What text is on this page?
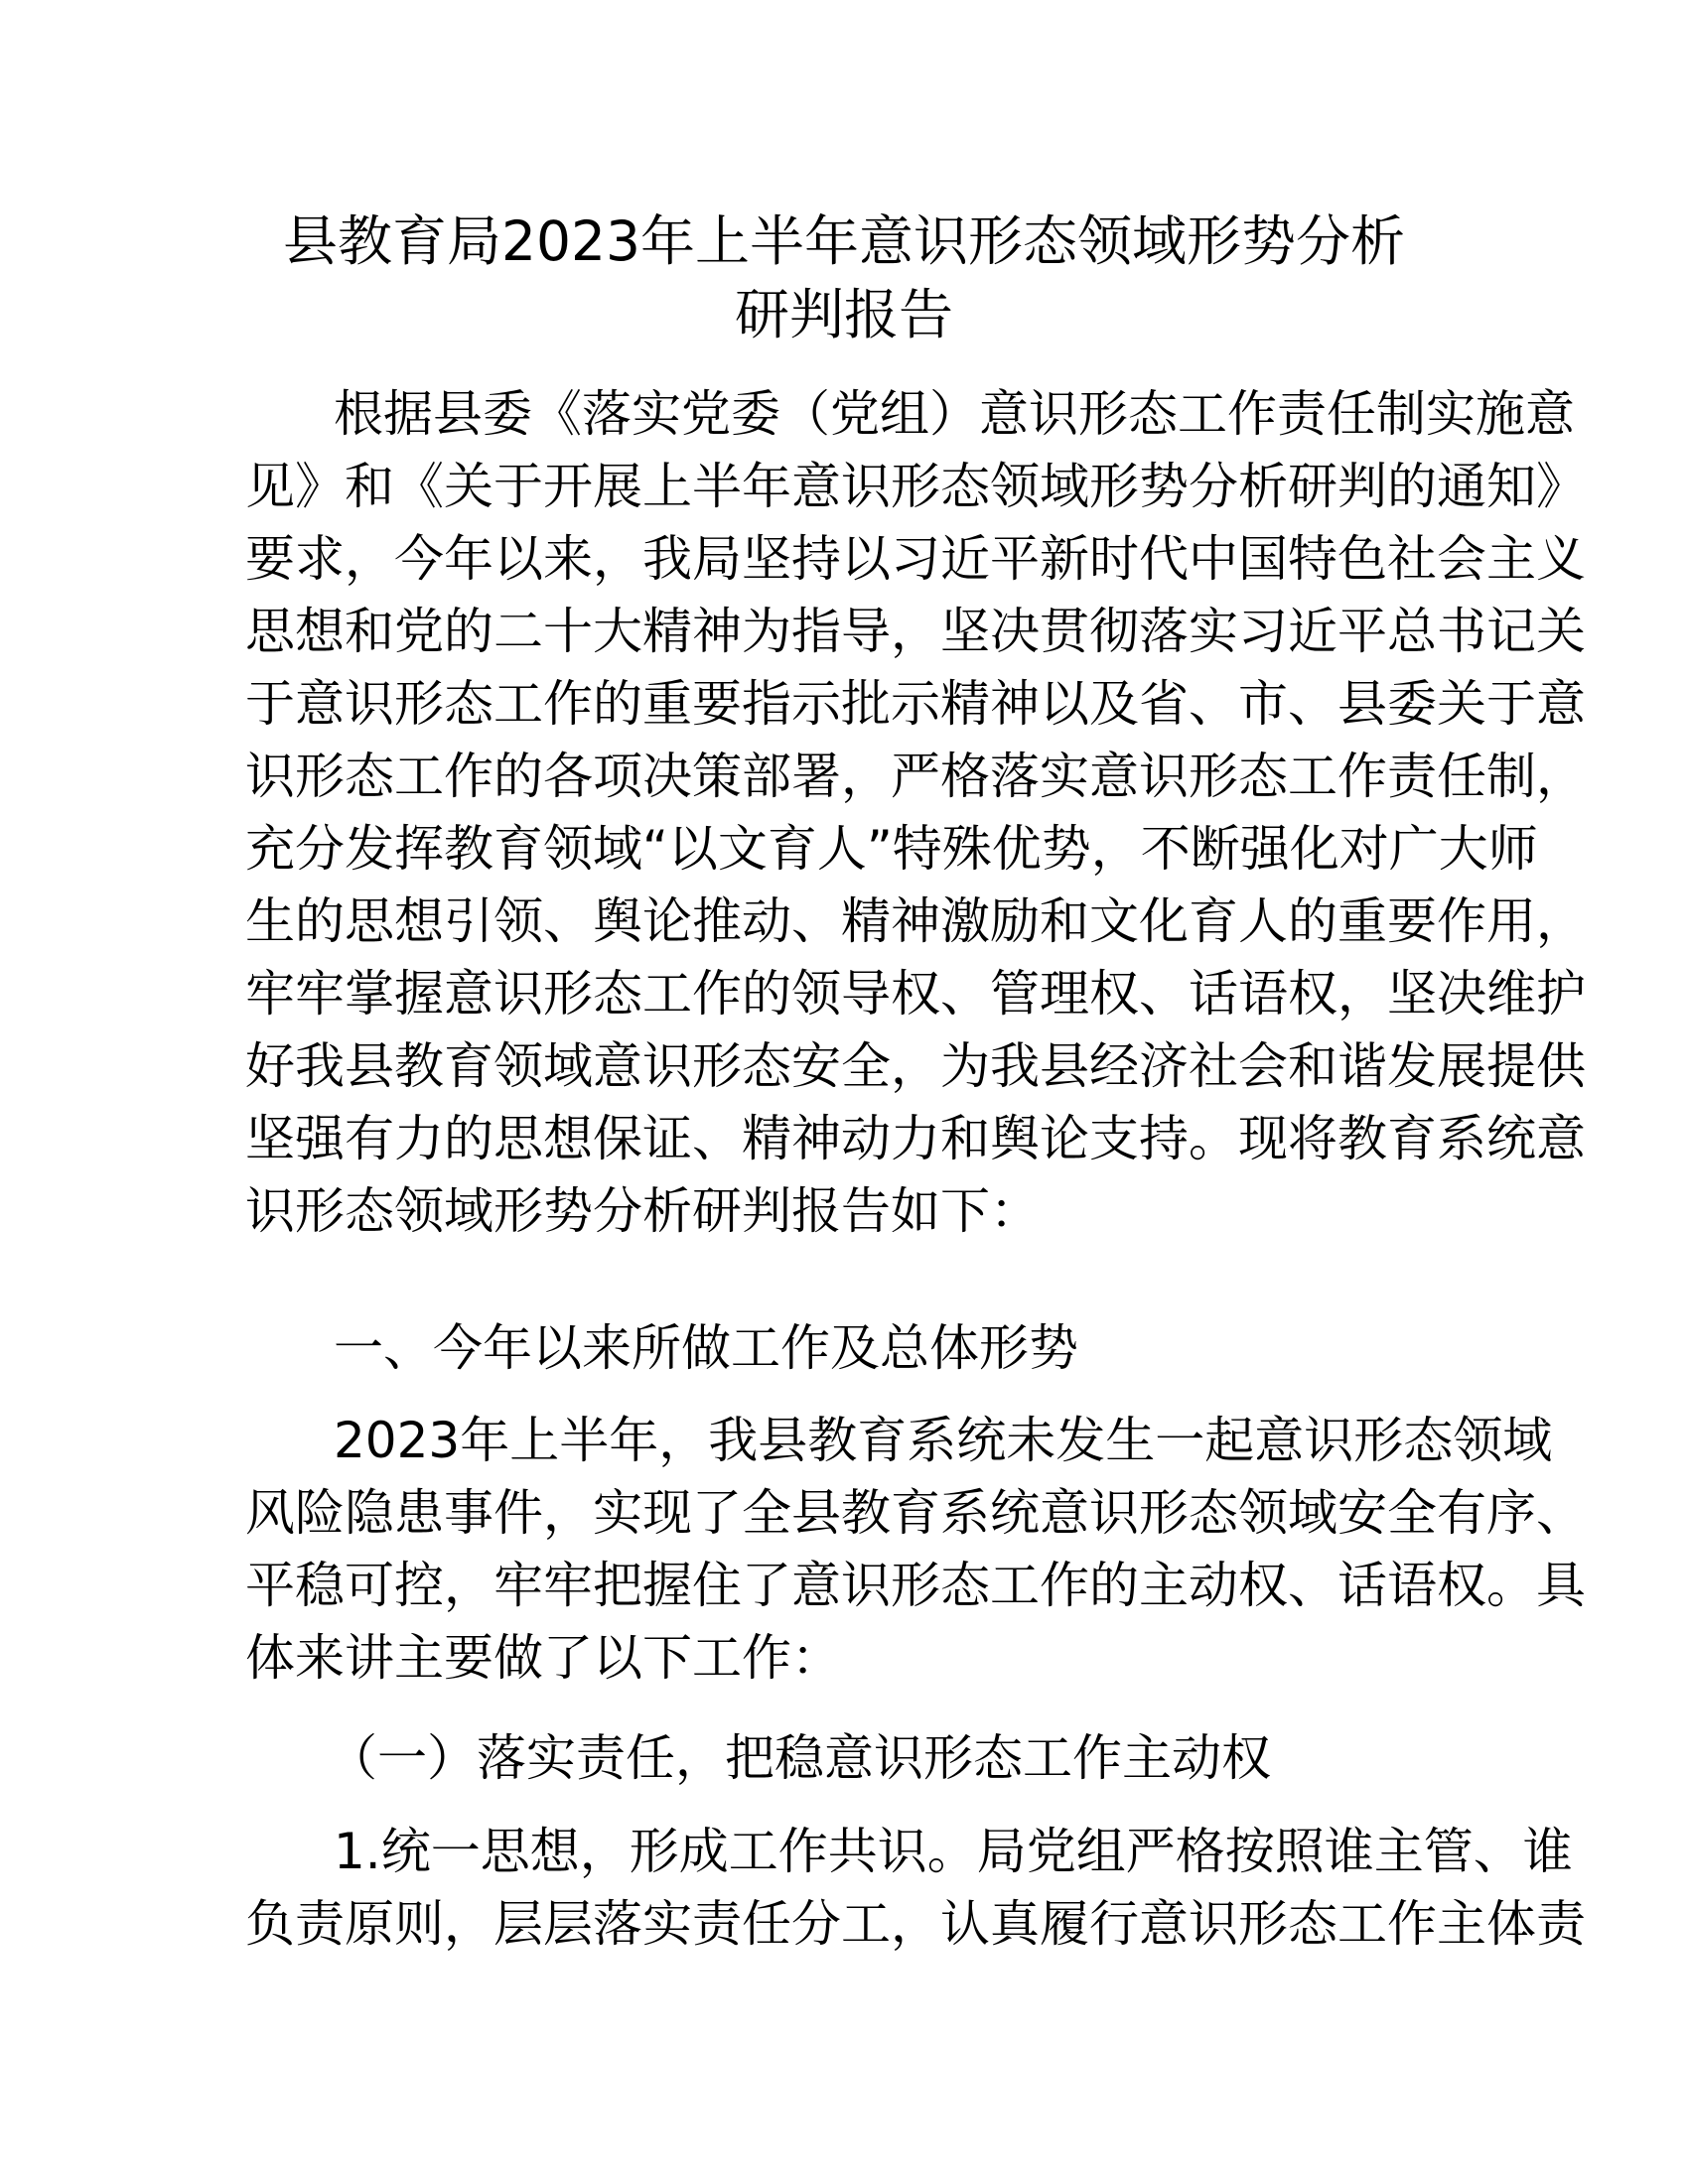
县教育局2023年上半年意识形态领域形势分析
研判报告
根据县委《落实党委（党组）意识形态工作责任制实施意
见》和《关于开展上半年意识形态领域形势分析研判的通知》
要求，今年以来，我局坚持以习近平新时代中国特色社会主义
思想和党的二十大精神为指导，坚决贯彻落实习近平总书记关
于意识形态工作的重要指示批示精神以及省、市、县委关于意
识形态工作的各项决策部署，严格落实意识形态工作责任制，
充分发挥教育领域“以文育人”特殊优势，不断强化对广大师
生的思想引领、舆论推动、精神激励和文化育人的重要作用，
牢牢掌握意识形态工作的领导权、管理权、话语权，坚决维护
好我县教育领域意识形态安全，为我县经济社会和谐发展提供
坚强有力的思想保证、精神动力和舆论支持。现将教育系统意
识形态领域形势分析研判报告如下：
一、今年以来所做工作及总体形势
2023年上半年，我县教育系统未发生一起意识形态领域
风险隐患事件，实现了全县教育系统意识形态领域安全有序、
平稳可控，牢牢把握住了意识形态工作的主动权、话语权。具
体来讲主要做了以下工作：
（一）落实责任，把稳意识形态工作主动权
1.统一思想，形成工作共识。局党组严格按照谁主管、谁
负责原则，层层落实责任分工，认真履行意识形态工作主体责
